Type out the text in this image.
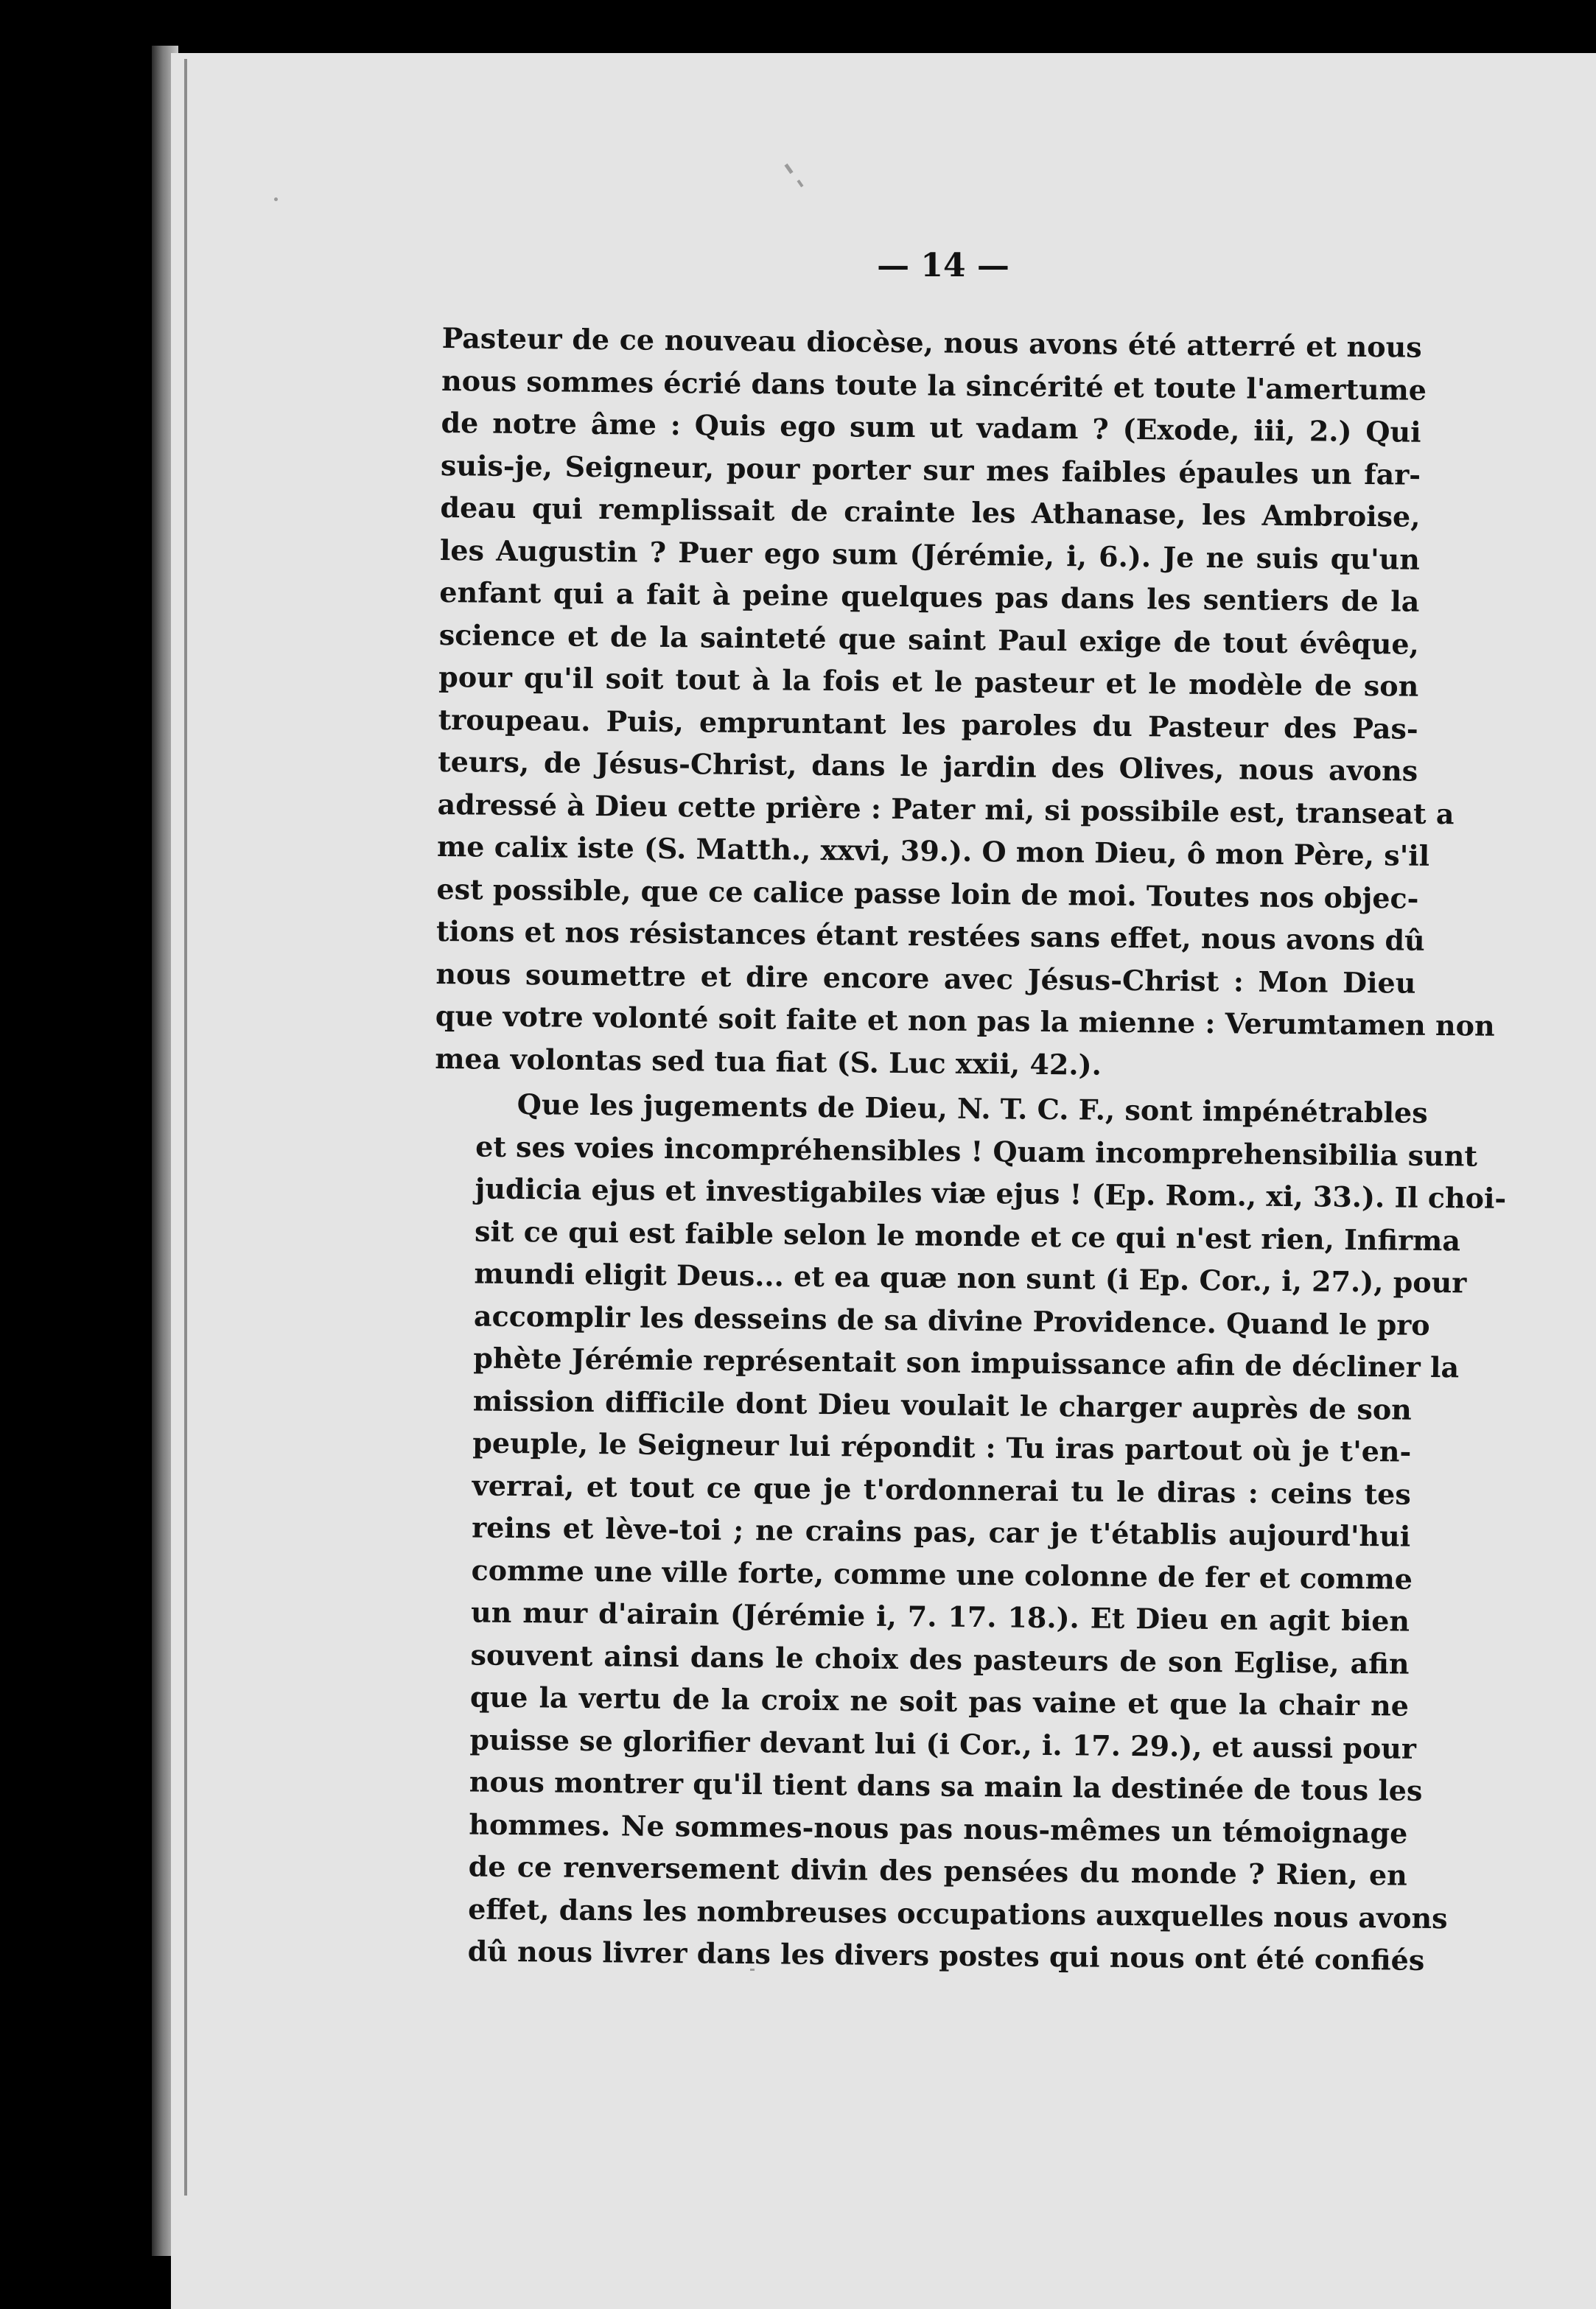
— 14 —
Pasteur de ce nouveau diocèse, nous avons été atterré et nous
nous sommes écrié dans toute la sincérité et toute l'amertume
de notre âme : Quis ego sum ut vadam ? (Exode, iii, 2.) Qui
suis-je, Seigneur, pour porter sur mes faibles épaules un far-
deau qui remplissait de crainte les Athanase, les Ambroise,
les Augustin ? Puer ego sum (Jérémie, i, 6.). Je ne suis qu'un
enfant qui a fait à peine quelques pas dans les sentiers de la
science et de la sainteté que saint Paul exige de tout évêque,
pour qu'il soit tout à la fois et le pasteur et le modèle de son
troupeau. Puis, empruntant les paroles du Pasteur des Pas-
teurs, de Jésus-Christ, dans le jardin des Olives, nous avons
adressé à Dieu cette prière : Pater mi, si possibile est, transeat a
me calix iste (S. Matth., xxvi, 39.). O mon Dieu, ô mon Père, s'il
est possible, que ce calice passe loin de moi. Toutes nos objec-
tions et nos résistances étant restées sans effet, nous avons dû
nous soumettre et dire encore avec Jésus-Christ : Mon Dieu
que votre volonté soit faite et non pas la mienne : Verumtamen non
mea volontas sed tua fiat (S. Luc xxii, 42.).
Que les jugements de Dieu, N. T. C. F., sont impénétrables
et ses voies incompréhensibles ! Quam incomprehensibilia sunt
judicia ejus et investigabiles viæ ejus ! (Ep. Rom., xi, 33.). Il choi-
sit ce qui est faible selon le monde et ce qui n'est rien, Infirma
mundi eligit Deus... et ea quæ non sunt (i Ep. Cor., i, 27.), pour
accomplir les desseins de sa divine Providence. Quand le pro
phète Jérémie représentait son impuissance afin de décliner la
mission difficile dont Dieu voulait le charger auprès de son
peuple, le Seigneur lui répondit : Tu iras partout où je t'en-
verrai, et tout ce que je t'ordonnerai tu le diras : ceins tes
reins et lève-toi ; ne crains pas, car je t'établis aujourd'hui
comme une ville forte, comme une colonne de fer et comme
un mur d'airain (Jérémie i, 7. 17. 18.). Et Dieu en agit bien
souvent ainsi dans le choix des pasteurs de son Eglise, afin
que la vertu de la croix ne soit pas vaine et que la chair ne
puisse se glorifier devant lui (i Cor., i. 17. 29.), et aussi pour
nous montrer qu'il tient dans sa main la destinée de tous les
hommes. Ne sommes-nous pas nous-mêmes un témoignage
de ce renversement divin des pensées du monde ? Rien, en
effet, dans les nombreuses occupations auxquelles nous avons
dû nous livrer dans les divers postes qui nous ont été confiés
